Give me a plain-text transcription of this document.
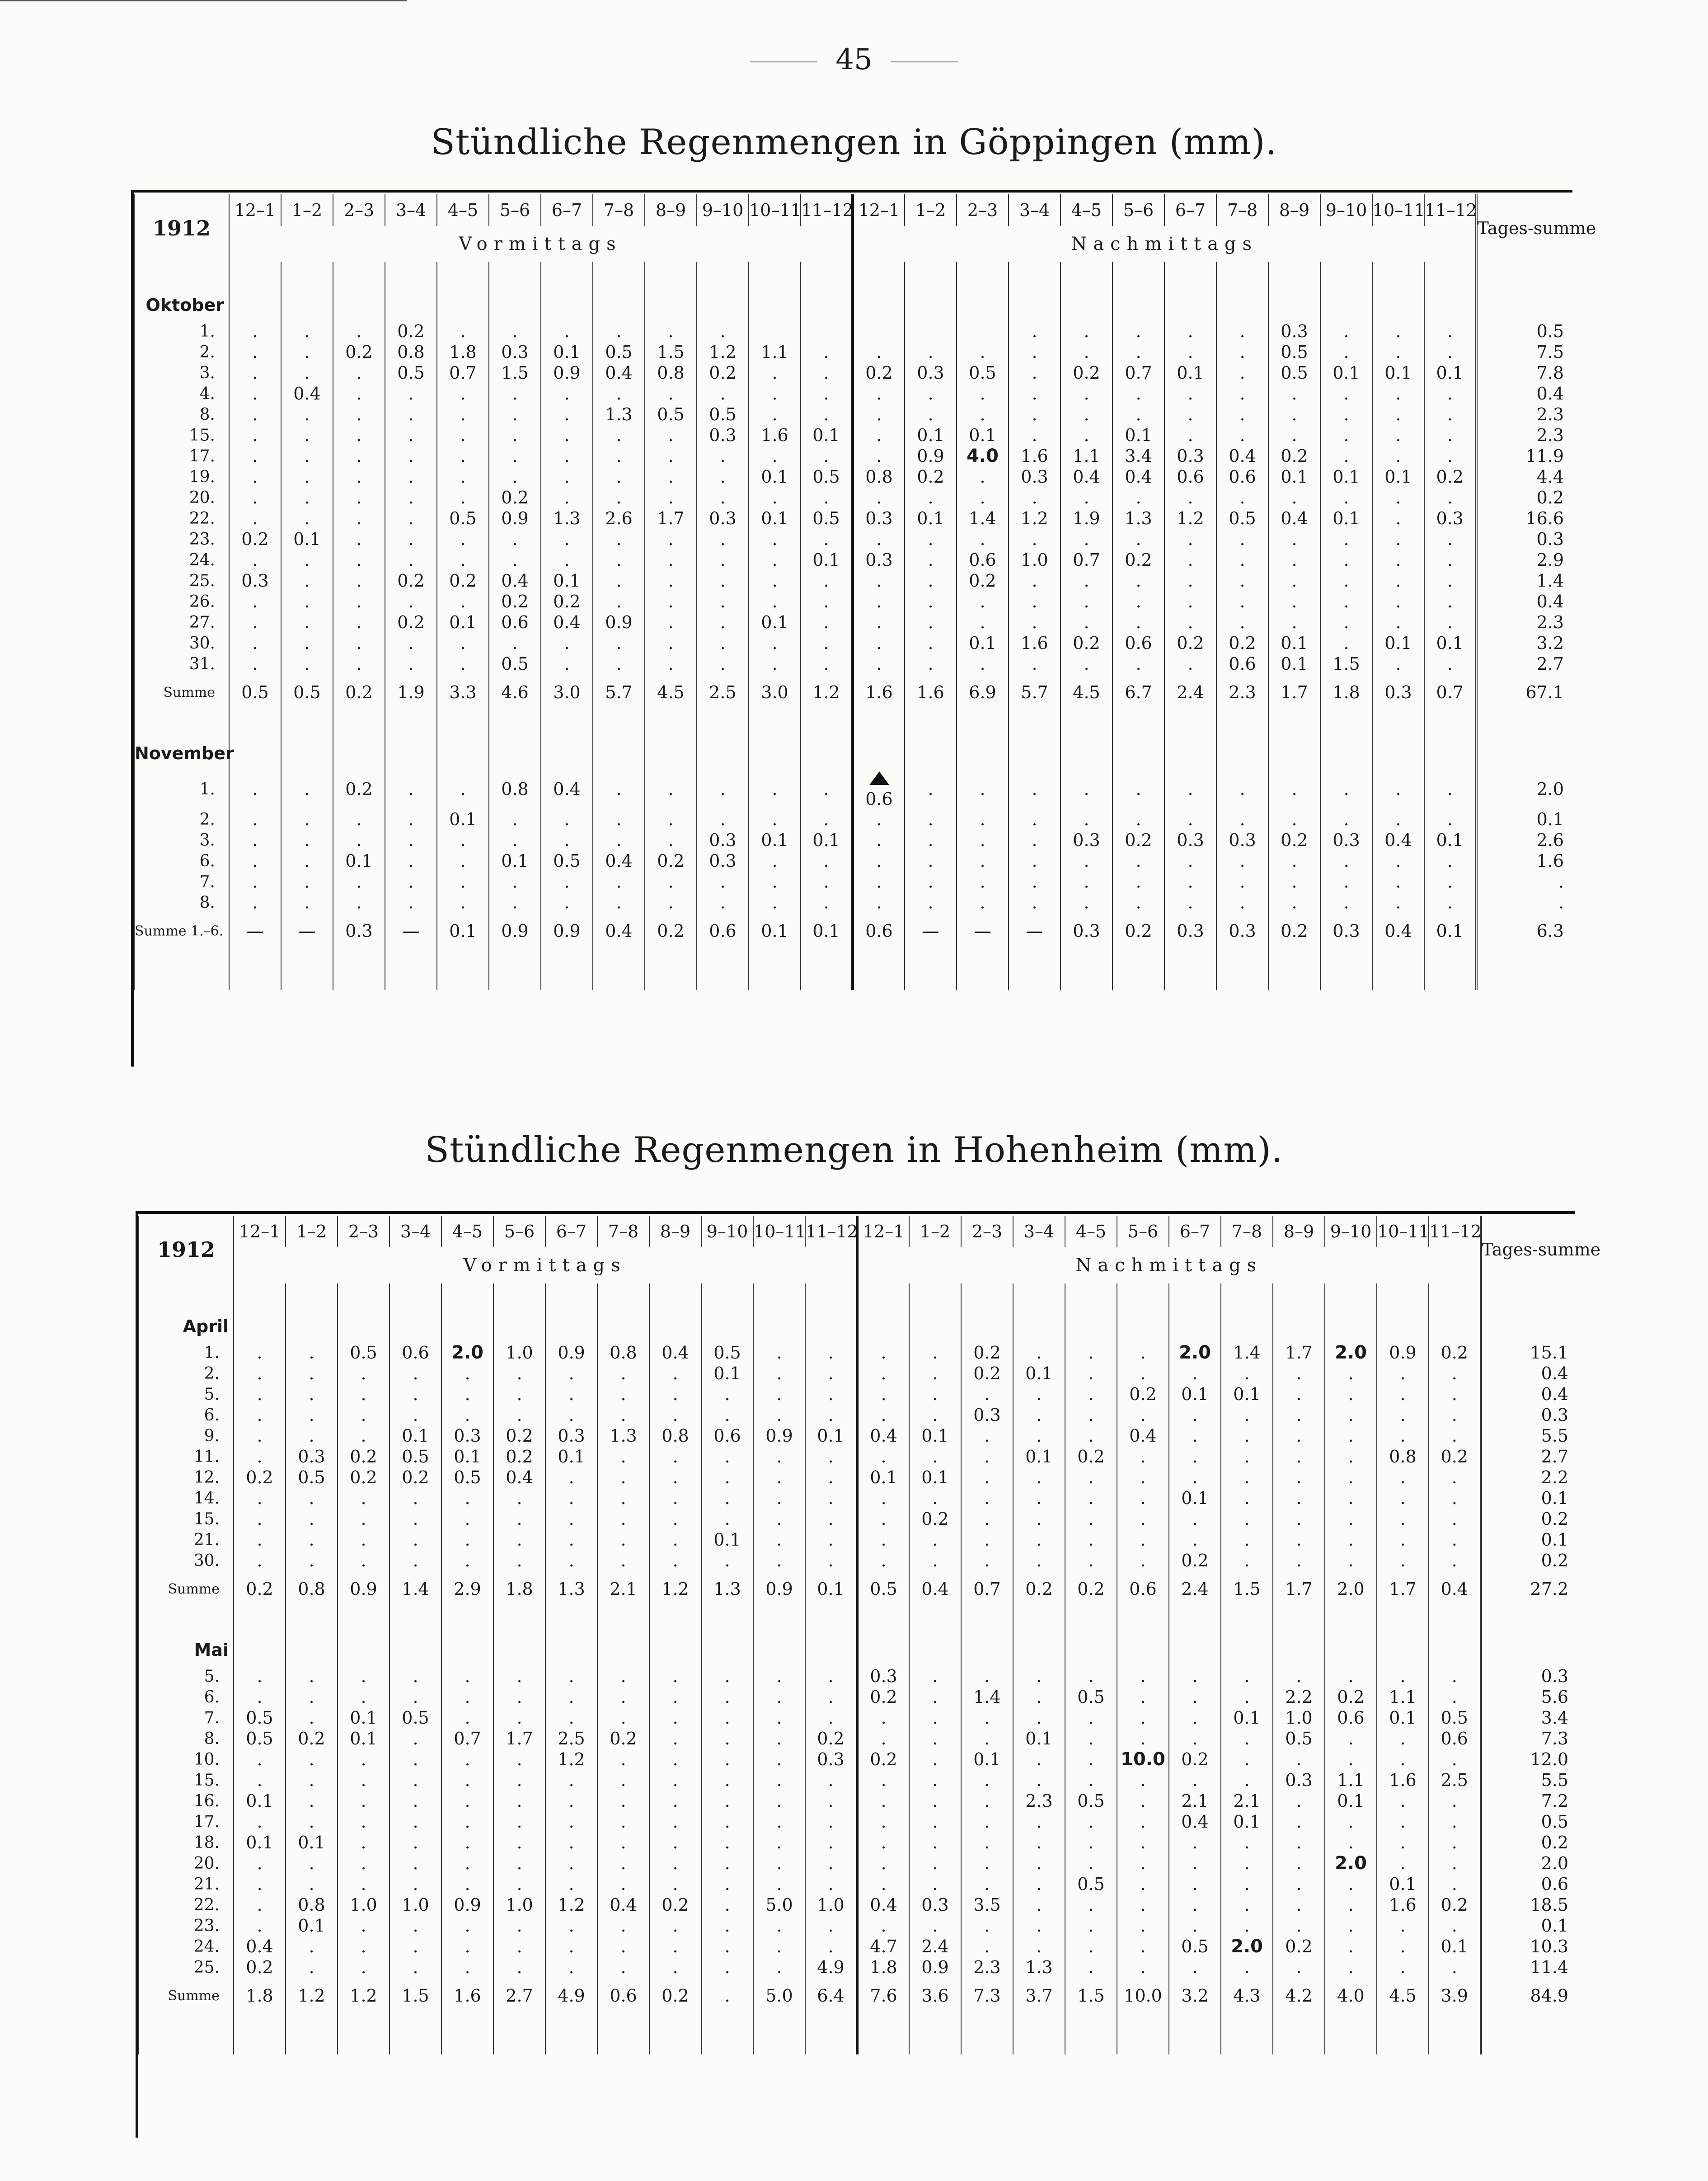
45
Stündliche Regenmengen in Göppingen (mm).
1912	12–1	1–2	2–3	3–4	4–5	5–6	6–7	7–8	8–9	9–10	10–11	11–12	12–1	1–2	2–3	3–4	4–5	5–6	6–7	7–8	8–9	9–10	10–11	11–12	Tages-summe
	Vormittags												Nachmittags												

Oktober																									
1.	.	.	.	0.2	.	.	.	.	.	.						.	.	.	.	.	0.3	.	.	.	0.5
2.	.	.	0.2	0.8	1.8	0.3	0.1	0.5	1.5	1.2	1.1	.	.	.	.	.	.	.	.	.	0.5	.	.	.	7.5
3.	.	.	.	0.5	0.7	1.5	0.9	0.4	0.8	0.2	.	.	0.2	0.3	0.5	.	0.2	0.7	0.1	.	0.5	0.1	0.1	0.1	7.8
4.	.	0.4	.	.	.	.	.	.	.	.	.	.	.	.	.	.	.	.	.	.	.	.	.	.	0.4
8.	.	.	.	.	.	.	.	1.3	0.5	0.5	.	.	.	.	.	.	.	.	.	.	.	.	.	.	2.3
15.	.	.	.	.	.	.	.	.	.	0.3	1.6	0.1	.	0.1	0.1	.	.	0.1	.	.	.	.	.	.	2.3
17.	.	.	.	.	.	.	.	.	.	.	.	.	.	0.9	4.0	1.6	1.1	3.4	0.3	0.4	0.2	.	.	.	11.9
19.	.	.	.	.	.	.	.	.	.	.	0.1	0.5	0.8	0.2	.	0.3	0.4	0.4	0.6	0.6	0.1	0.1	0.1	0.2	4.4
20.	.	.	.	.	.	0.2	.	.	.	.	.	.	.	.	.	.	.	.	.	.	.	.	.	.	0.2
22.	.	.	.	.	0.5	0.9	1.3	2.6	1.7	0.3	0.1	0.5	0.3	0.1	1.4	1.2	1.9	1.3	1.2	0.5	0.4	0.1	.	0.3	16.6
23.	0.2	0.1	.	.	.	.	.	.	.	.	.	.	.	.	.	.	.	.	.	.	.	.	.	.	0.3
24.	.	.	.	.	.	.	.	.	.	.	.	0.1	0.3	.	0.6	1.0	0.7	0.2	.	.	.	.	.	.	2.9
25.	0.3	.	.	0.2	0.2	0.4	0.1	.	.	.	.	.	.	.	0.2	.	.	.	.	.	.	.	.	.	1.4
26.	.	.	.	.	.	0.2	0.2	.	.	.	.	.	.	.	.	.	.	.	.	.	.	.	.	.	0.4
27.	.	.	.	0.2	0.1	0.6	0.4	0.9	.	.	0.1	.	.	.	.	.	.	.	.	.	.	.	.	.	2.3
30.	.	.	.	.	.	.	.	.	.	.	.	.	.	.	0.1	1.6	0.2	0.6	0.2	0.2	0.1	.	0.1	0.1	3.2
31.	.	.	.	.	.	0.5	.	.	.	.	.	.	.	.	.	.	.	.	.	0.6	0.1	1.5	.	.	2.7
Summe	0.5	0.5	0.2	1.9	3.3	4.6	3.0	5.7	4.5	2.5	3.0	1.2	1.6	1.6	6.9	5.7	4.5	6.7	2.4	2.3	1.7	1.8	0.3	0.7	67.1

November																									
1.	.	.	0.2	.	.	0.8	0.4	.	.	.	.	.	0.6	.	.	.	.	.	.	.	.	.	.	.	2.0
2.	.	.	.	.	0.1	.	.	.	.	.	.	.	.	.	.	.	.	.	.	.	.	.	.	.	0.1
3.	.	.	.	.	.	.	.	.	.	0.3	0.1	0.1	.	.	.	.	0.3	0.2	0.3	0.3	0.2	0.3	0.4	0.1	2.6
6.	.	.	0.1	.	.	0.1	0.5	0.4	0.2	0.3	.	.	.	.	.	.	.	.	.	.	.	.	.	.	1.6
7.	.	.	.	.	.	.	.	.	.	.	.	.	.	.	.	.	.	.	.	.	.	.	.	.	.
8.	.	.	.	.	.	.	.	.	.	.	.	.	.	.	.	.	.	.	.	.	.	.	.	.	.
Summe 1.–6.	—	—	0.3	—	0.1	0.9	0.9	0.4	0.2	0.6	0.1	0.1	0.6	—	—	—	0.3	0.2	0.3	0.3	0.2	0.3	0.4	0.1	6.3

Stündliche Regenmengen in Hohenheim (mm).
1912	12–1	1–2	2–3	3–4	4–5	5–6	6–7	7–8	8–9	9–10	10–11	11–12	12–1	1–2	2–3	3–4	4–5	5–6	6–7	7–8	8–9	9–10	10–11	11–12	Tages-summe
	Vormittags												Nachmittags												

April																									
1.	.	.	0.5	0.6	2.0	1.0	0.9	0.8	0.4	0.5	.	.	.	.	0.2	.	.	.	2.0	1.4	1.7	2.0	0.9	0.2	15.1
2.	.	.	.	.	.	.	.	.	.	0.1	.	.	.	.	0.2	0.1	.	.	.	.	.	.	.	.	0.4
5.	.	.	.	.	.	.	.	.	.	.	.	.	.	.	.	.	.	0.2	0.1	0.1	.	.	.	.	0.4
6.	.	.	.	.	.	.	.	.	.	.	.	.	.	.	0.3	.	.	.	.	.	.	.	.	.	0.3
9.	.	.	.	0.1	0.3	0.2	0.3	1.3	0.8	0.6	0.9	0.1	0.4	0.1	.	.	.	0.4	.	.	.	.	.	.	5.5
11.	.	0.3	0.2	0.5	0.1	0.2	0.1	.	.	.	.	.	.	.	.	0.1	0.2	.	.	.	.	.	0.8	0.2	2.7
12.	0.2	0.5	0.2	0.2	0.5	0.4	.	.	.	.	.	.	0.1	0.1	.	.	.	.	.	.	.	.	.	.	2.2
14.	.	.	.	.	.	.	.	.	.	.	.	.	.	.	.	.	.	.	0.1	.	.	.	.	.	0.1
15.	.	.	.	.	.	.	.	.	.	.	.	.	.	0.2	.	.	.	.	.	.	.	.	.	.	0.2
21.	.	.	.	.	.	.	.	.	.	0.1	.	.	.	.	.	.	.	.	.	.	.	.	.	.	0.1
30.	.	.	.	.	.	.	.	.	.	.	.	.	.	.	.	.	.	.	0.2	.	.	.	.	.	0.2
Summe	0.2	0.8	0.9	1.4	2.9	1.8	1.3	2.1	1.2	1.3	0.9	0.1	0.5	0.4	0.7	0.2	0.2	0.6	2.4	1.5	1.7	2.0	1.7	0.4	27.2

Mai																									
5.	.	.	.	.	.	.	.	.	.	.	.	.	0.3	.	.	.	.	.	.	.	.	.	.	.	0.3
6.	.	.	.	.	.	.	.	.	.	.	.	.	0.2	.	1.4	.	0.5	.	.	.	2.2	0.2	1.1	.	5.6
7.	0.5	.	0.1	0.5	.	.	.	.	.	.	.	.	.	.	.	.	.	.	.	0.1	1.0	0.6	0.1	0.5	3.4
8.	0.5	0.2	0.1	.	0.7	1.7	2.5	0.2	.	.	.	0.2	.	.	.	0.1	.	.	.	.	0.5	.	.	0.6	7.3
10.	.	.	.	.	.	.	1.2	.	.	.	.	0.3	0.2	.	0.1	.	.	10.0	0.2	.	.	.	.	.	12.0
15.	.	.	.	.	.	.	.	.	.	.	.	.	.	.	.	.	.	.	.	.	0.3	1.1	1.6	2.5	5.5
16.	0.1	.	.	.	.	.	.	.	.	.	.	.	.	.	.	2.3	0.5	.	2.1	2.1	.	0.1	.	.	7.2
17.	.	.	.	.	.	.	.	.	.	.	.	.	.	.	.	.	.	.	0.4	0.1	.	.	.	.	0.5
18.	0.1	0.1	.	.	.	.	.	.	.	.	.	.	.	.	.	.	.	.	.	.	.	.	.	.	0.2
20.	.	.	.	.	.	.	.	.	.	.	.	.	.	.	.	.	.	.	.	.	.	2.0	.	.	2.0
21.	.	.	.	.	.	.	.	.	.	.	.	.	.	.	.	.	0.5	.	.	.	.	.	0.1	.	0.6
22.	.	0.8	1.0	1.0	0.9	1.0	1.2	0.4	0.2	.	5.0	1.0	0.4	0.3	3.5	.	.	.	.	.	.	.	1.6	0.2	18.5
23.	.	0.1	.	.	.	.	.	.	.	.	.	.	.	.	.	.	.	.	.	.	.	.	.	.	0.1
24.	0.4	.	.	.	.	.	.	.	.	.	.	.	4.7	2.4	.	.	.	.	0.5	2.0	0.2	.	.	0.1	10.3
25.	0.2	.	.	.	.	.	.	.	.	.	.	4.9	1.8	0.9	2.3	1.3	.	.	.	.	.	.	.	.	11.4
Summe	1.8	1.2	1.2	1.5	1.6	2.7	4.9	0.6	0.2	.	5.0	6.4	7.6	3.6	7.3	3.7	1.5	10.0	3.2	4.3	4.2	4.0	4.5	3.9	84.9
